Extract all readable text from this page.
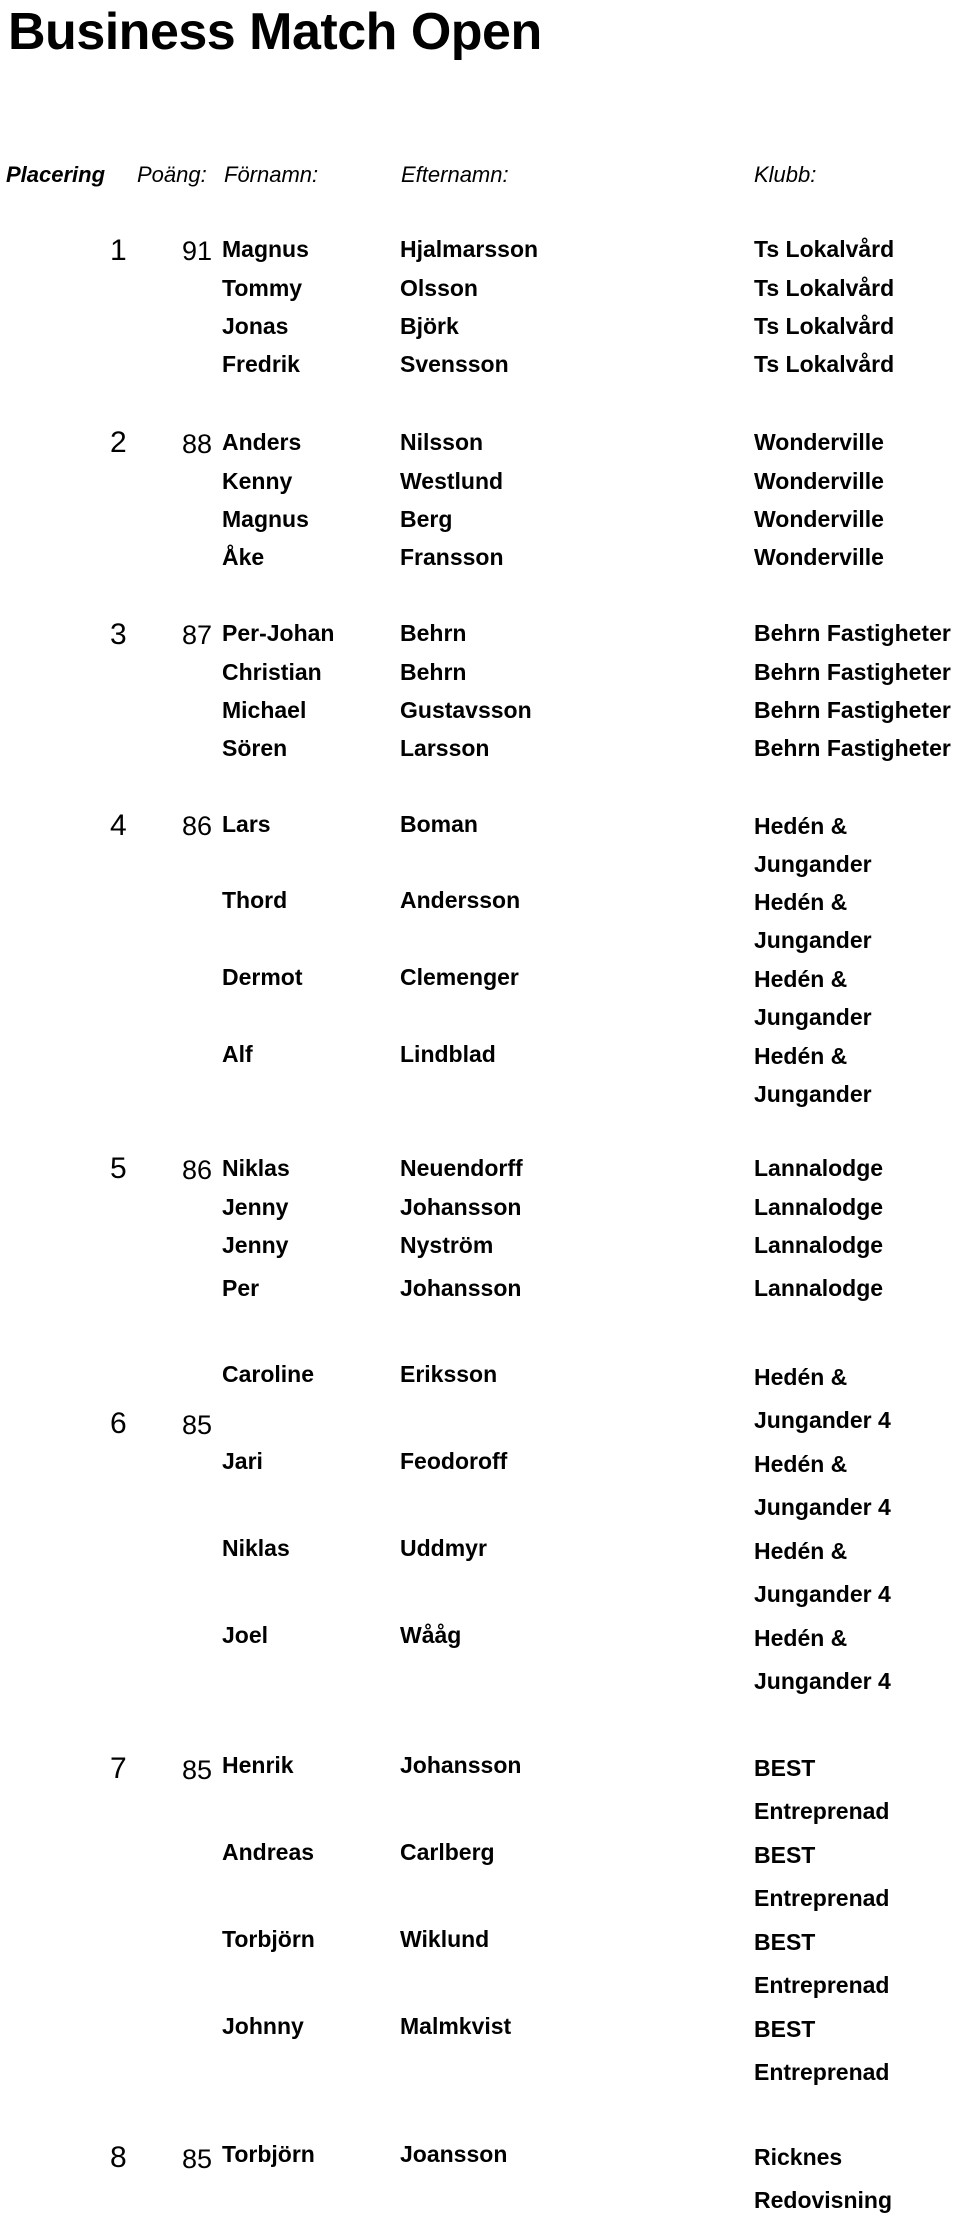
Business Match Open
Placering Poäng: Förnamn:	Efternamn:	Klubb:
1 91 Magnus	Hjalmarsson	Ts Lokalvård
Tommy	Olsson	Ts Lokalvård
Jonas	Björk	Ts Lokalvård
Fredrik	Svensson	Ts Lokalvård
2 88 Anders	Nilsson	Wonderville
Kenny	Westlund	Wonderville
Magnus	Berg	Wonderville
Åke	Fransson	Wonderville
3 87 Per-Johan	Behrn	Behrn Fastigheter
Christian	Behrn	Behrn Fastigheter
Michael	Gustavsson	Behrn Fastigheter
Sören	Larsson	Behrn Fastigheter
4 86 Lars	Boman	Hedén &
Jungander
Thord	Andersson	Hedén &
Jungander
Dermot	Clemenger	Hedén &
Jungander
Alf	Lindblad	Hedén &
Jungander
5 86 Niklas	Neuendorff	Lannalodge
Jenny	Johansson	Lannalodge
Jenny	Nyström	Lannalodge
Per	Johansson	Lannalodge
6 85
Caroline	Eriksson	Hedén &
Jungander 4
Jari	Feodoroff	Hedén &
Jungander 4
Niklas	Uddmyr	Hedén &
Jungander 4
Joel	Wååg	Hedén &
Jungander 4
7 85 Henrik	Johansson	BEST
Entreprenad
Andreas	Carlberg	BEST
Entreprenad
Torbjörn	Wiklund	BEST
Entreprenad
Johnny	Malmkvist	BEST
Entreprenad
8 85 Torbjörn	Joansson	Ricknes
Redovisning
